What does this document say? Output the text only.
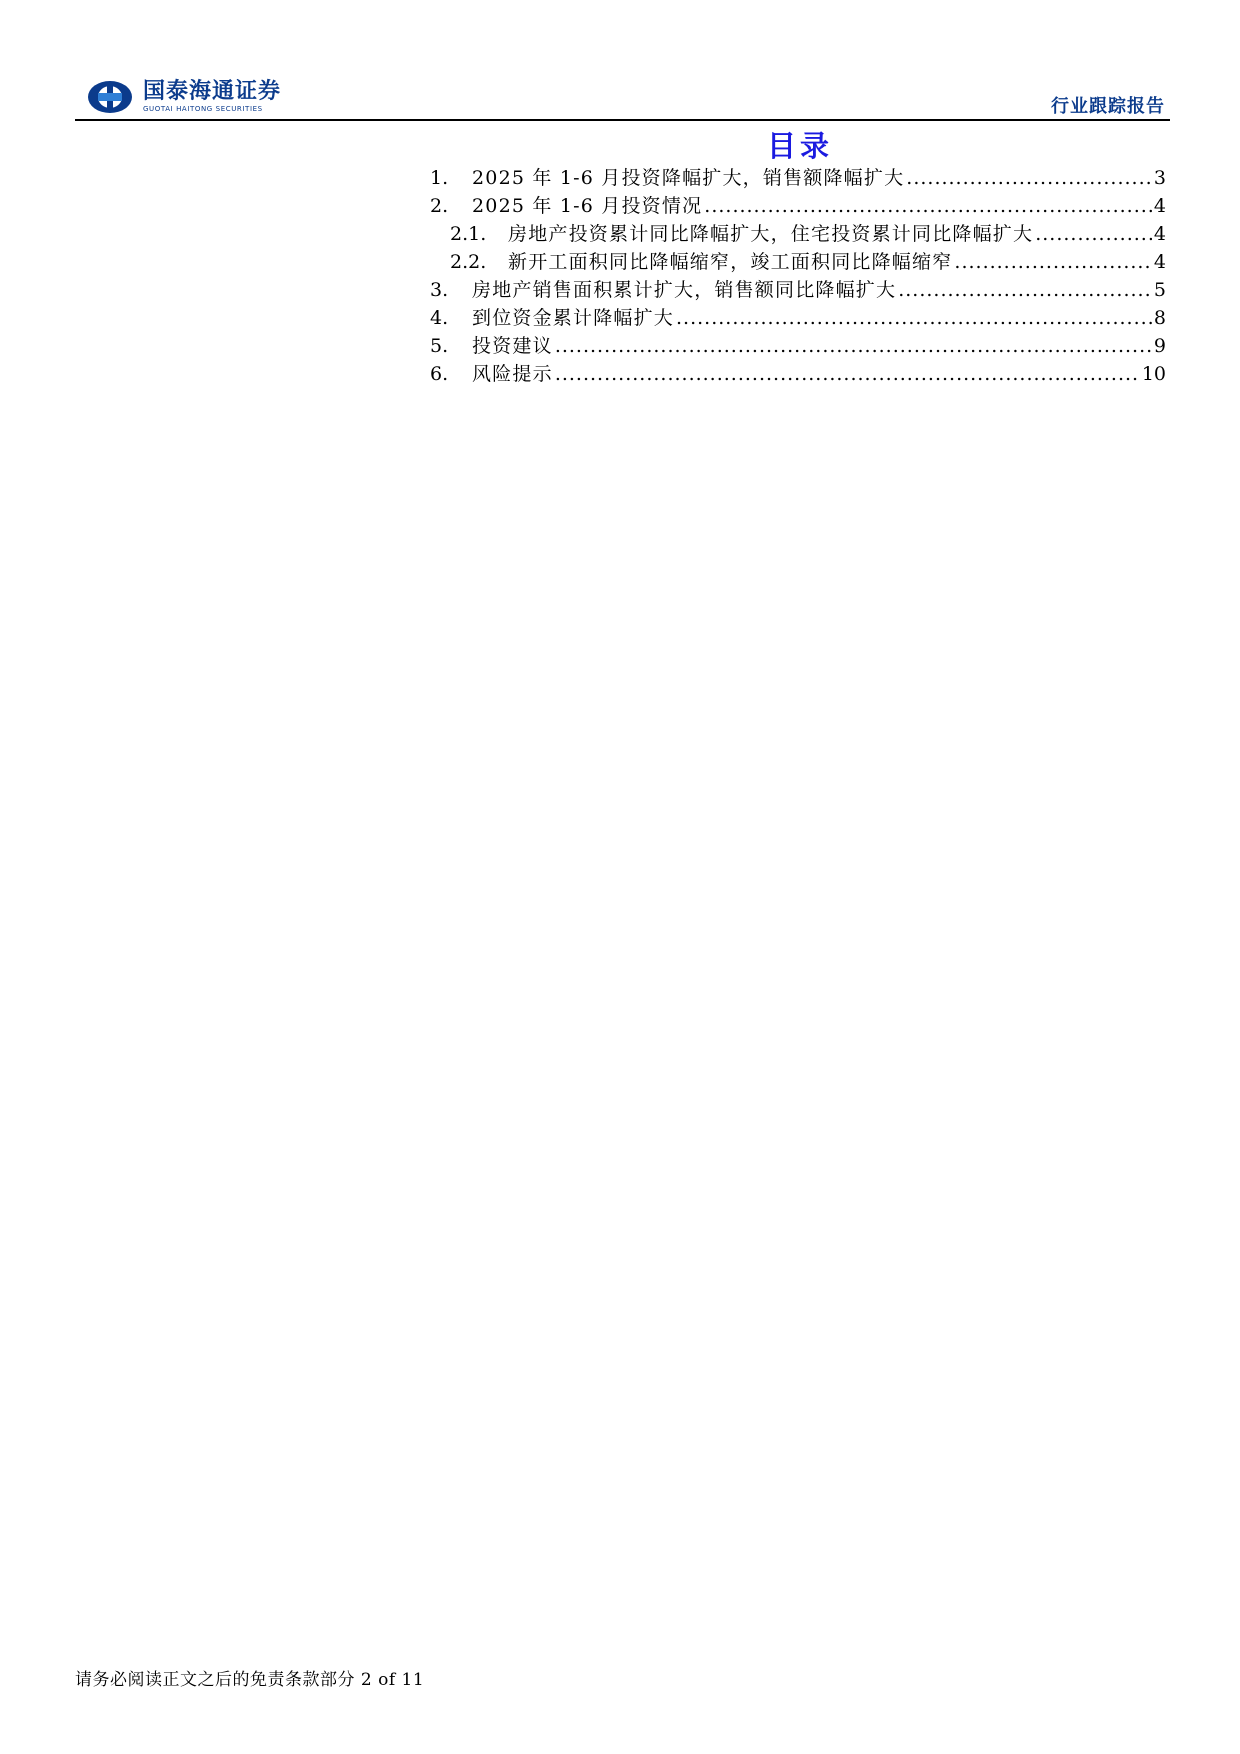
国泰海通证券
GUOTAI HAITONG SECURITIES	行业跟踪报告
目录
1.	2025 年 1-6 月投资降幅扩大，销售额降幅扩大 .....	3
2.	2025 年 1-6 月投资情况 .....	4
2.1.	房地产投资累计同比降幅扩大，住宅投资累计同比降幅扩大 .....	4
2.2.	新开工面积同比降幅缩窄，竣工面积同比降幅缩窄 .....	4
3.	房地产销售面积累计扩大，销售额同比降幅扩大 .....	5
4.	到位资金累计降幅扩大 .....	8
5.	投资建议 .....	9
6.	风险提示 .....	10
请务必阅读正文之后的免责条款部分 2 of 11
